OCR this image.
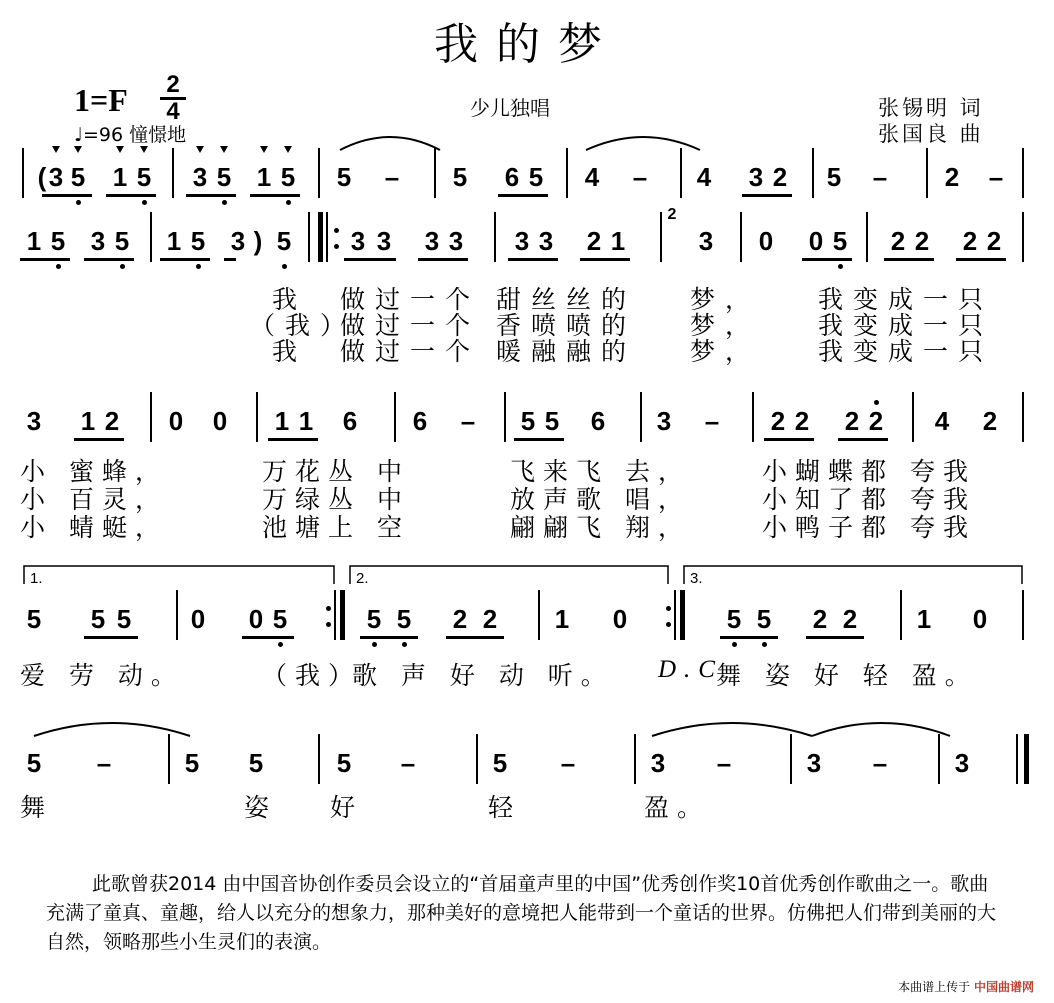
我的梦
1=F 2
4
♩=96 憧憬地
少儿独唱	张锡明 词
张国良 曲
( 3 5 1 5 3 5 1 5 5 – 5 6 5 4 – 4 3 2 5 – 2 –
1 5 3 5 1 5 3 ) 5 3 3 3 3 3 3 2 1	3 0 0 5 2 2 2 2
3 1 2 0 0 1 1 6 6 – 5 5 6 3 – 2 2 2 2 4 2
5 5 5 0 0 5	5 5 2 2 1 0	5 5 2 2 1 0
5 –	5 5	5 –	5 –	3 –	3 –	3
2
我 做过一个 甜丝丝的 梦， 我变成一只
（我）
做过一个 香喷喷的 梦， 我变成一只
我 做过一个 暖融融的 梦， 我变成一只
小 蜜蜂，	万花丛 中	飞来飞 去，	小蝴蝶都 夸我
小 百灵，	万绿丛 中	放声歌 唱，	小知了都 夸我
小 蜻蜓，	池塘上 空	翩翩飞 翔，	小鸭子都 夸我
爱 劳 动。	（我）
歌 声 好 动 听。 D.C
舞 姿 好 轻 盈。
舞	姿 好	轻	盈。
1.	2.	3.
此歌曾获2014 由中国音协创作委员会设立的“首届童声里的中国”优秀创作奖10首优秀创作歌曲之一。歌曲充满了童真、童趣，给人以充分的想象力，那种美好的意境把人能带到一个童话的世界。仿佛把人们带到美丽的大自然，领略那些小生灵们的表演。
本曲谱上传于 中国曲谱网
